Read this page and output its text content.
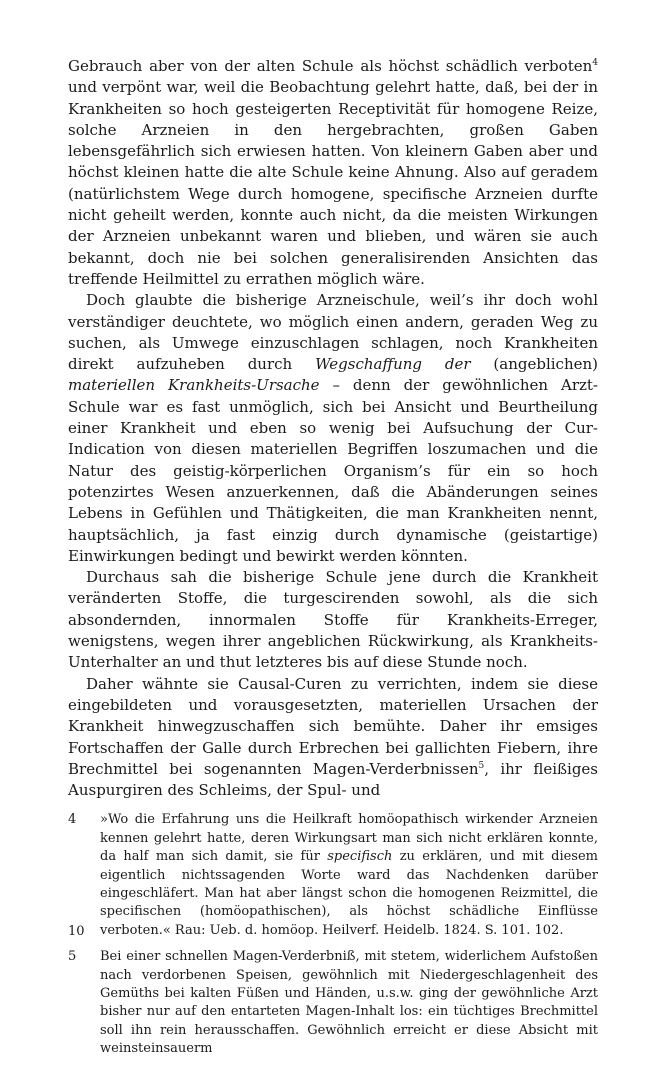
Gebrauch aber von der alten Schule als höchst schädlich verboten$^4$ und verpönt war, weil die Beobachtung gelehrt hatte, daß, bei der in Krankheiten so hoch gesteigerten Receptivität für homogene Reize, solche Arzneien in den hergebrachten, großen Gaben lebensgefährlich sich erwiesen hatten. Von kleinern Gaben aber und höchst kleinen hatte die alte Schule keine Ahnung. Also auf geradem (natürlichstem Wege durch homogene, specifische Arzneien durfte nicht geheilt werden, konnte auch nicht, da die meisten Wirkungen der Arzneien unbekannt waren und blieben, und wären sie auch bekannt, doch nie bei solchen generalisirenden Ansichten das treffende Heilmittel zu errathen möglich wäre.

Doch glaubte die bisherige Arzneischule, weil’s ihr doch wohl verständiger deuchtete, wo möglich einen andern, geraden Weg zu suchen, als Umwege einzuschlagen schlagen, noch Krankheiten direkt aufzuheben durch Wegschaffung der (angeblichen) materiellen Krankheits-Ursache – denn der gewöhnlichen Arzt-Schule war es fast unmöglich, sich bei Ansicht und Beurtheilung einer Krankheit und eben so wenig bei Aufsuchung der Cur-Indication von diesen materiellen Begriffen loszumachen und die Natur des geistig-körperlichen Organism’s für ein so hoch potenzirtes Wesen anzuerkennen, daß die Abänderungen seines Lebens in Gefühlen und Thätigkeiten, die man Krankheiten nennt, hauptsächlich, ja fast einzig durch dynamische (geistartige) Einwirkungen bedingt und bewirkt werden könnten.

Durchaus sah die bisherige Schule jene durch die Krankheit veränderten Stoffe, die turgescirenden sowohl, als die sich absondernden, innormalen Stoffe für Krankheits-Erreger, wenigstens, wegen ihrer angeblichen Rückwirkung, als Krankheits-Unterhalter an und thut letzteres bis auf diese Stunde noch.

Daher wähnte sie Causal-Curen zu verrichten, indem sie diese eingebildeten und vorausgesetzten, materiellen Ursachen der Krankheit hinwegzuschaffen sich bemühte. Daher ihr emsiges Fortschaffen der Galle durch Erbrechen bei gallichten Fiebern, ihre Brechmittel bei sogenannten Magen-Verderbnissen$^5$, ihr fleißiges Auspurgiren des Schleims, der Spul- und

4	»Wo die Erfahrung uns die Heilkraft homöopathisch wirkender Arzneien kennen gelehrt hatte, deren Wirkungsart man sich nicht erklären konnte, da half man sich damit, sie für specifisch zu erklären, und mit diesem eigentlich nichtssagenden Worte ward das Nachdenken darüber eingeschläfert. Man hat aber längst schon die homogenen Reizmittel, die specifischen (homöopathischen), als höchst schädliche Einflüsse verboten.« Rau: Ueb. d. homöop. Heilverf. Heidelb. 1824. S. 101. 102.
5	Bei einer schnellen Magen-Verderbniß, mit stetem, widerlichem Aufstoßen nach verdorbenen Speisen, gewöhnlich mit Niedergeschlagenheit des Gemüths bei kalten Füßen und Händen, u.s.w. ging der gewöhnliche Arzt bisher nur auf den entarteten Magen-Inhalt los: ein tüchtiges Brechmittel soll ihn rein herausschaffen. Gewöhnlich erreicht er diese Absicht mit weinsteinsauerm
10
